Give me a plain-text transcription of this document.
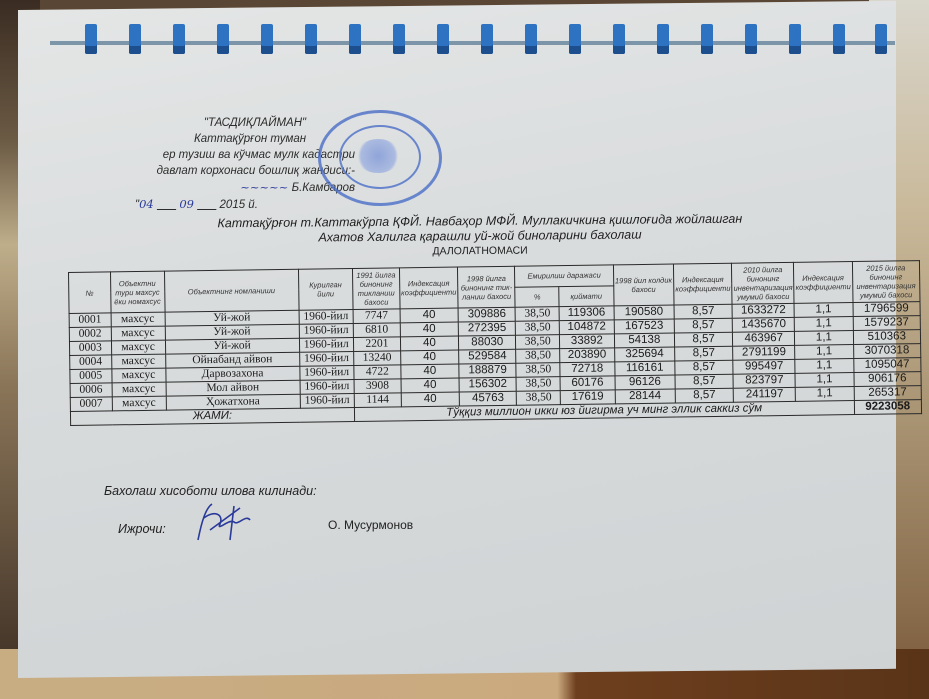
"ТАСДИҚЛАЙМАН"
Каттақўрғон туман
ер тузиш ва кўчмас мулк кадастри
давлат корхонаси бошлиқ жандиси:-
~~~~~ Б.Камбаров
"04 09 2015 й.
Каттақўрғон т.Каттакўрпа ҚФЙ. Навбаҳор МФЙ. Муллакичкина қишлоғида жойлашган
Ахатов Халилга қарашли уй-жой биноларини бахолаш
ДАЛОЛАТНОМАСИ
№	Объектни тури махсус ёки номахсус	Объектнинг номланиши	Курилган йили	1991 йилга бинонинг тикланиш бахоси	Индексация коэффициенти	1998 йилга бинонинг тик-ланиш бахоси	Емирилиш даражаси		1998 йил колдик бахоси	Индексация коэффициенти	2010 йилга бинонинг инвентаризация умумий бахоси	Индексация коэффициенти	2015 йилга бинонинг инвентаризация умумий бахоси
							%	қиймати					
0001	махсус	Уй-жой	1960-йил	7747	40	309886	38,50	119306	190580	8,57	1633272	1,1	1796599
0002	махсус	Уй-жой	1960-йил	6810	40	272395	38,50	104872	167523	8,57	1435670	1,1	1579237
0003	махсус	Уй-жой	1960-йил	2201	40	88030	38,50	33892	54138	8,57	463967	1,1	510363
0004	махсус	Ойнабанд айвон	1960-йил	13240	40	529584	38,50	203890	325694	8,57	2791199	1,1	3070318
0005	махсус	Дарвозахона	1960-йил	4722	40	188879	38,50	72718	116161	8,57	995497	1,1	1095047
0006	махсус	Мол айвон	1960-йил	3908	40	156302	38,50	60176	96126	8,57	823797	1,1	906176
0007	махсус	Ҳожатхона	1960-йил	1144	40	45763	38,50	17619	28144	8,57	241197	1,1	265317
ЖАМИ:				Тўққиз миллион икки юз йигирма уч минг эллик саккиз сўм									9223058
Бахолаш хисоботи илова килинади:
Ижрочи:	О. Мусурмонов
